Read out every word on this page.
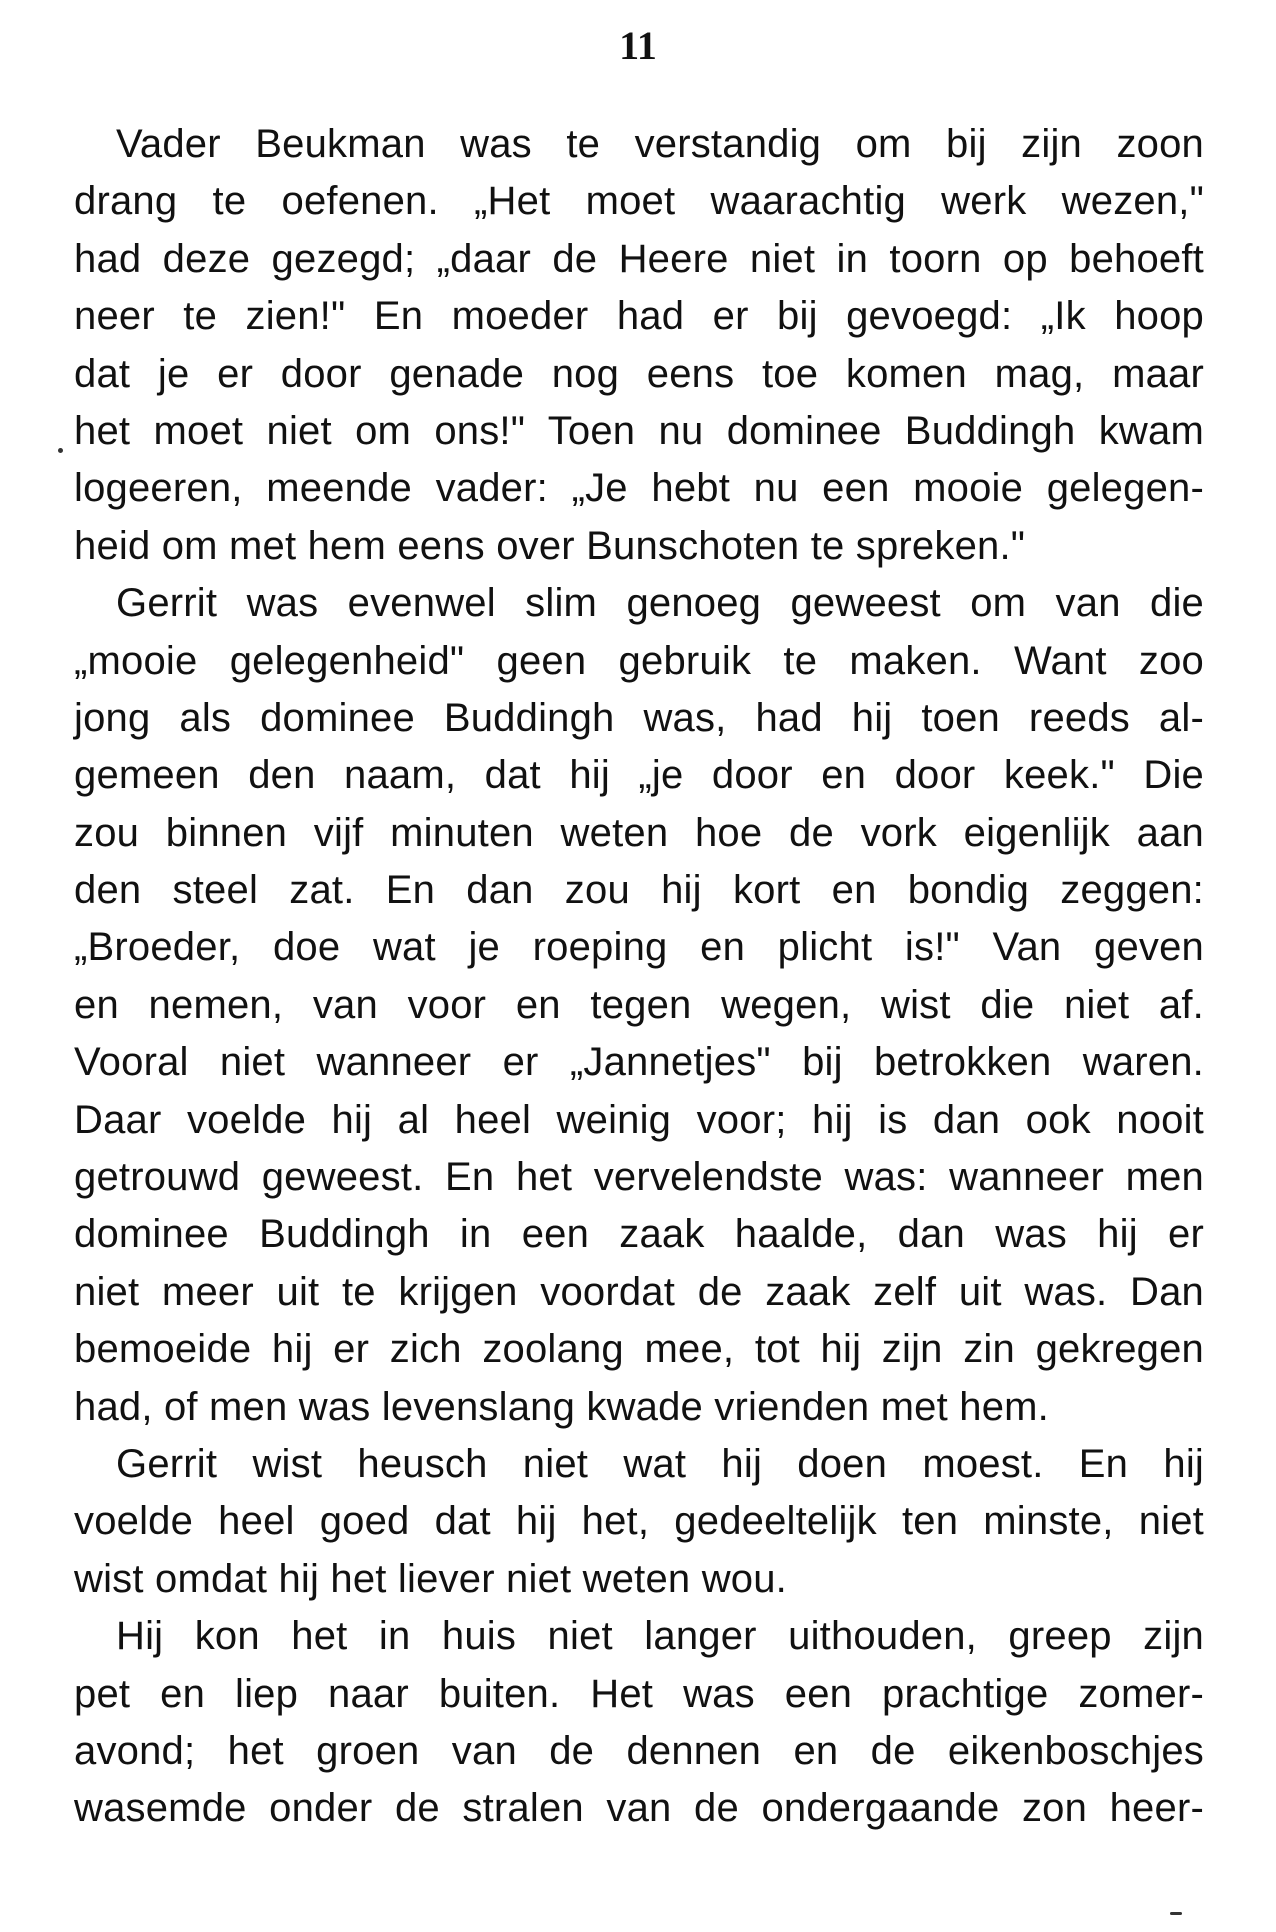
11
Vader Beukman was te verstandig om bij zijn zoon
drang te oefenen. „Het moet waarachtig werk wezen,"
had deze gezegd; „daar de Heere niet in toorn op behoeft
neer te zien!" En moeder had er bij gevoegd: „Ik hoop
dat je er door genade nog eens toe komen mag, maar
het moet niet om ons!" Toen nu dominee Buddingh kwam
logeeren, meende vader: „Je hebt nu een mooie gelegen-
heid om met hem eens over Bunschoten te spreken."
Gerrit was evenwel slim genoeg geweest om van die
„mooie gelegenheid" geen gebruik te maken. Want zoo
jong als dominee Buddingh was, had hij toen reeds al-
gemeen den naam, dat hij „je door en door keek." Die
zou binnen vijf minuten weten hoe de vork eigenlijk aan
den steel zat. En dan zou hij kort en bondig zeggen:
„Broeder, doe wat je roeping en plicht is!" Van geven
en nemen, van voor en tegen wegen, wist die niet af.
Vooral niet wanneer er „Jannetjes" bij betrokken waren.
Daar voelde hij al heel weinig voor; hij is dan ook nooit
getrouwd geweest. En het vervelendste was: wanneer men
dominee Buddingh in een zaak haalde, dan was hij er
niet meer uit te krijgen voordat de zaak zelf uit was. Dan
bemoeide hij er zich zoolang mee, tot hij zijn zin gekregen
had, of men was levenslang kwade vrienden met hem.
Gerrit wist heusch niet wat hij doen moest. En hij
voelde heel goed dat hij het, gedeeltelijk ten minste, niet
wist omdat hij het liever niet weten wou.
Hij kon het in huis niet langer uithouden, greep zijn
pet en liep naar buiten. Het was een prachtige zomer-
avond; het groen van de dennen en de eikenboschjes
wasemde onder de stralen van de ondergaande zon heer-
